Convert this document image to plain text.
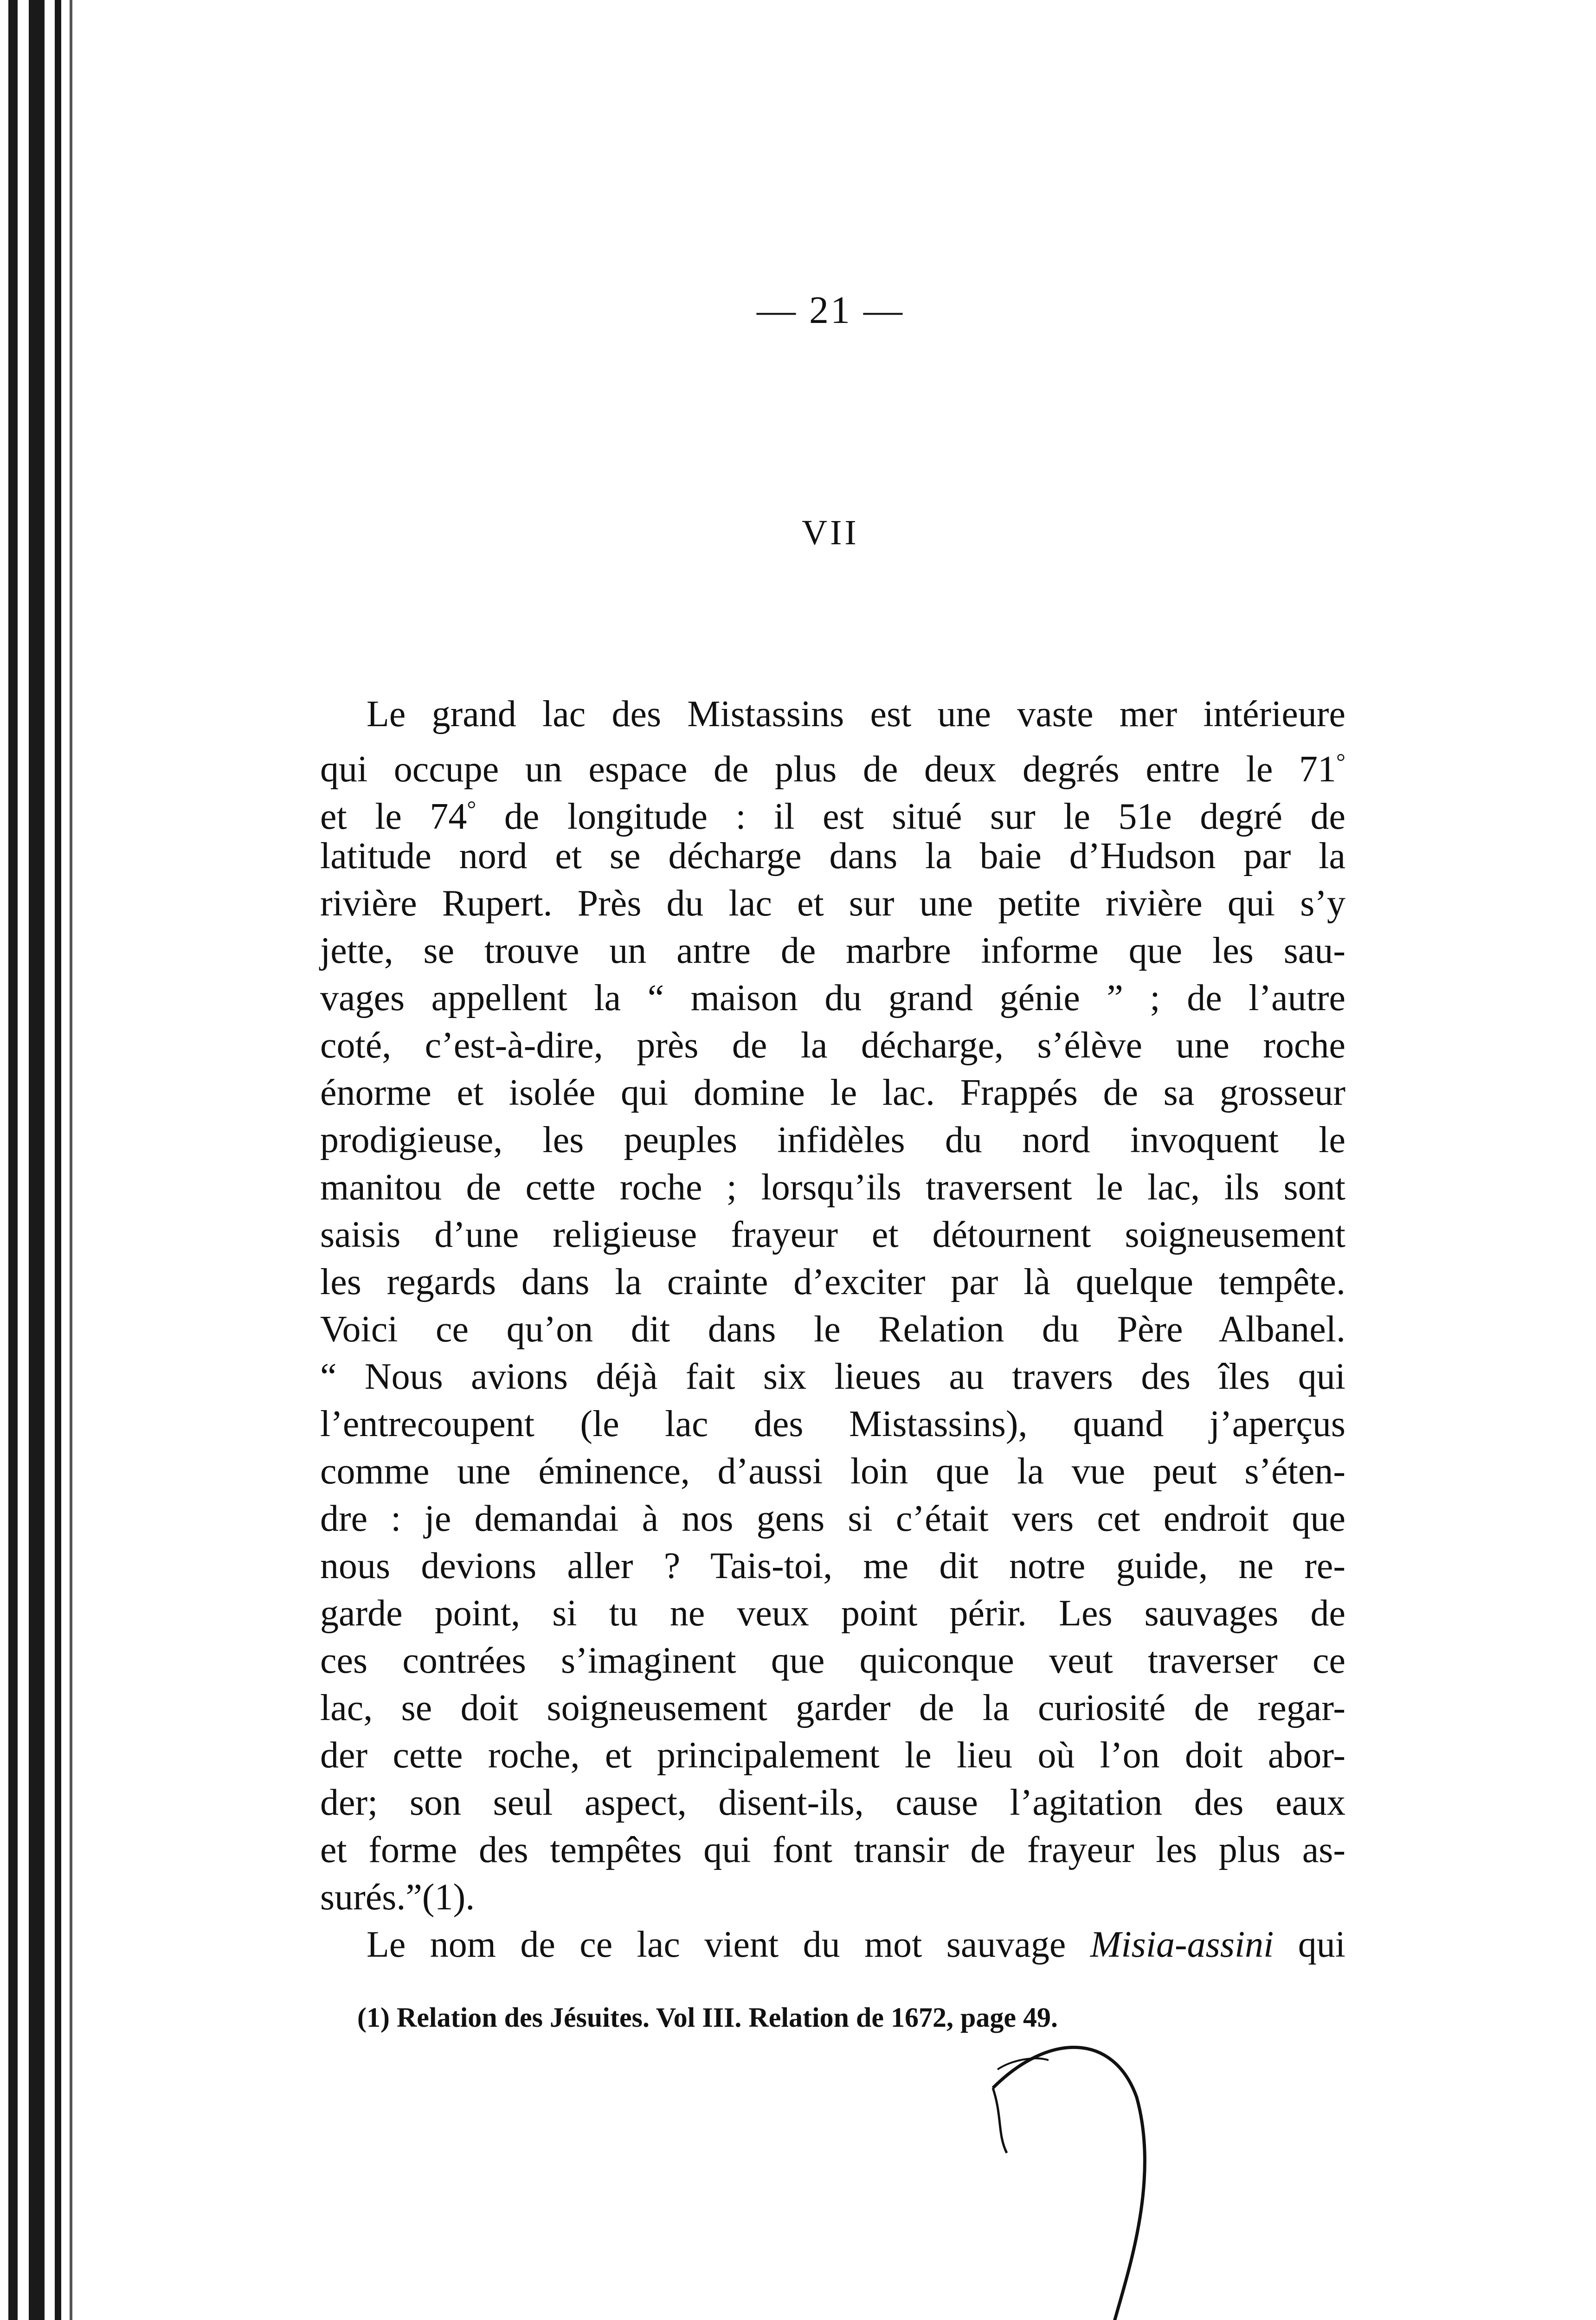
— 21 —
VII
Le grand lac des Mistassins est une vaste mer intérieure
qui occupe un espace de plus de deux degrés entre le 71°
et le 74° de longitude : il est situé sur le 51e degré de
latitude nord et se décharge dans la baie d’Hudson par la
rivière Rupert. Près du lac et sur une petite rivière qui s’y
jette, se trouve un antre de marbre informe que les sau-
vages appellent la “ maison du grand génie ” ; de l’autre
coté, c’est-à-dire, près de la décharge, s’élève une roche
énorme et isolée qui domine le lac. Frappés de sa grosseur
prodigieuse, les peuples infidèles du nord invoquent le
manitou de cette roche ; lorsqu’ils traversent le lac, ils sont
saisis d’une religieuse frayeur et détournent soigneusement
les regards dans la crainte d’exciter par là quelque tempête.
Voici ce qu’on dit dans le Relation du Père Albanel.
“ Nous avions déjà fait six lieues au travers des îles qui
l’entrecoupent (le lac des Mistassins), quand j’aperçus
comme une éminence, d’aussi loin que la vue peut s’éten-
dre : je demandai à nos gens si c’était vers cet endroit que
nous devions aller ? Tais-toi, me dit notre guide, ne re-
garde point, si tu ne veux point périr. Les sauvages de
ces contrées s’imaginent que quiconque veut traverser ce
lac, se doit soigneusement garder de la curiosité de regar-
der cette roche, et principalement le lieu où l’on doit abor-
der; son seul aspect, disent-ils, cause l’agitation des eaux
et forme des tempêtes qui font transir de frayeur les plus as-
surés.”(1).
Le nom de ce lac vient du mot sauvage Misia-assini qui
(1) Relation des Jésuites. Vol III. Relation de 1672, page 49.
